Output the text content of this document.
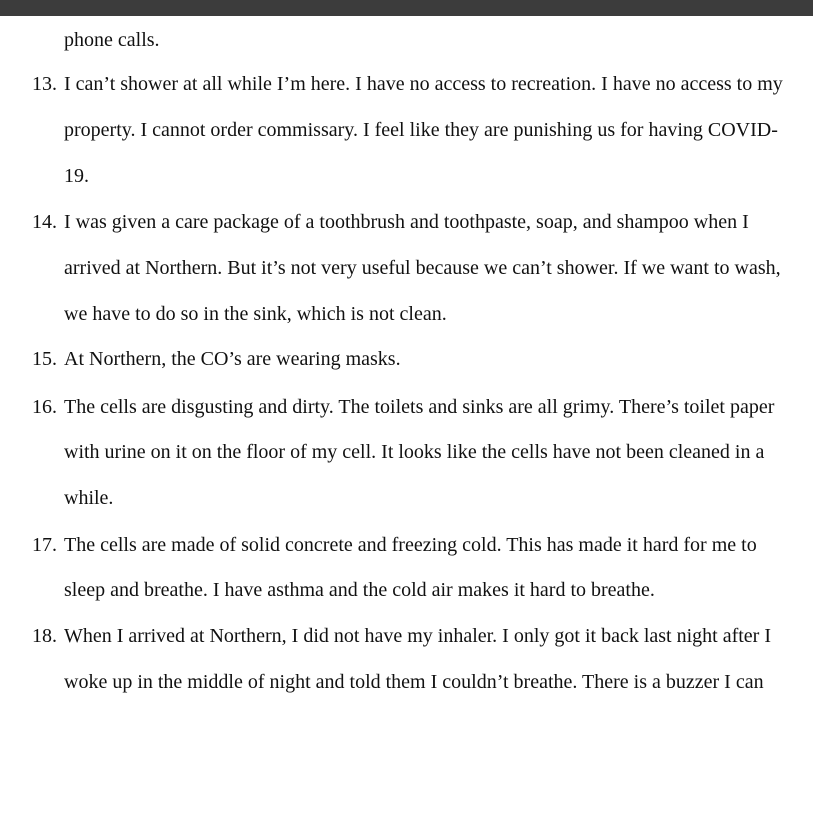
phone calls.
13. I can’t shower at all while I’m here. I have no access to recreation. I have no access to my
property. I cannot order commissary. I feel like they are punishing us for having COVID-
19.
14. I was given a care package of a toothbrush and toothpaste, soap, and shampoo when I
arrived at Northern. But it’s not very useful because we can’t shower. If we want to wash,
we have to do so in the sink, which is not clean.
15. At Northern, the CO’s are wearing masks.
16. The cells are disgusting and dirty. The toilets and sinks are all grimy. There’s toilet paper
with urine on it on the floor of my cell. It looks like the cells have not been cleaned in a
while.
17. The cells are made of solid concrete and freezing cold. This has made it hard for me to
sleep and breathe. I have asthma and the cold air makes it hard to breathe.
18. When I arrived at Northern, I did not have my inhaler. I only got it back last night after I
woke up in the middle of night and told them I couldn’t breathe. There is a buzzer I can
